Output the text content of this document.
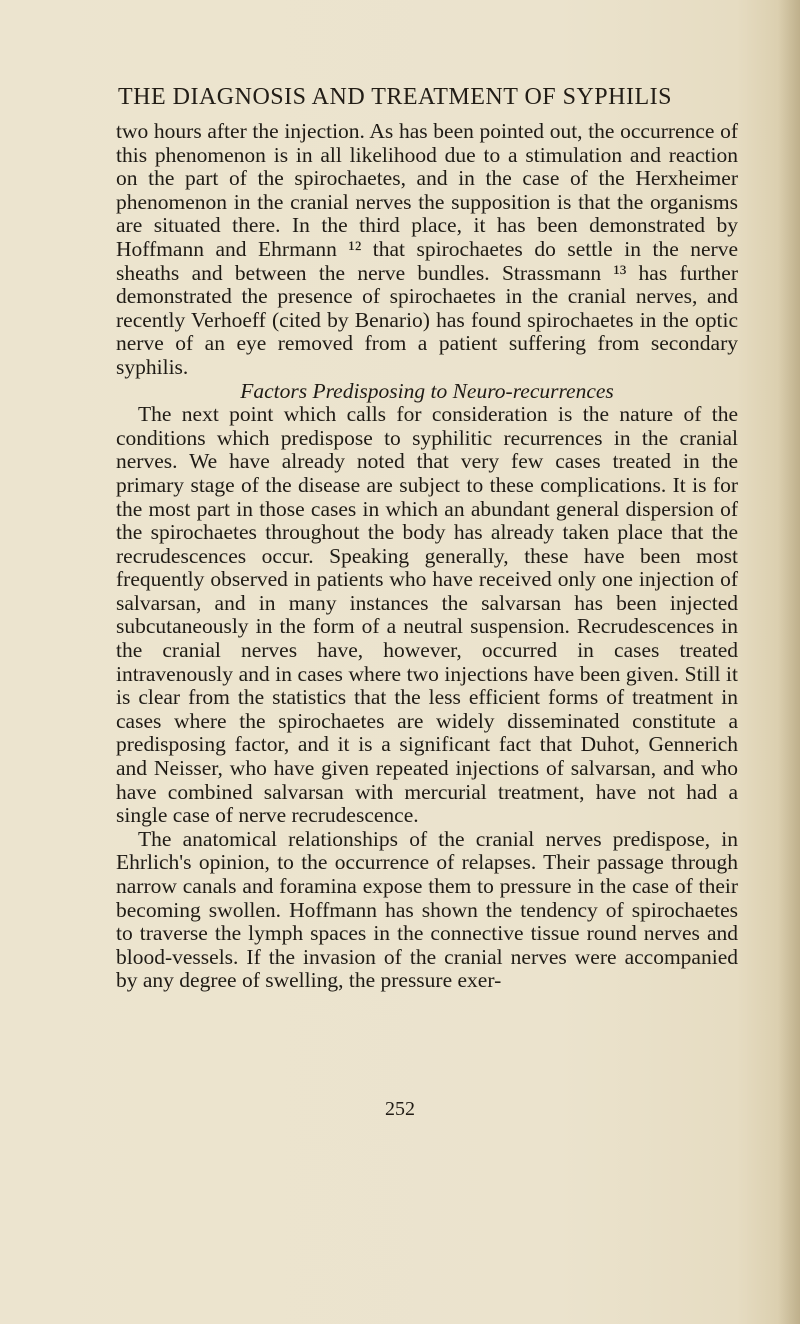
THE DIAGNOSIS AND TREATMENT OF SYPHILIS

two hours after the injection. As has been pointed out, the occurrence of this phenomenon is in all likelihood due to a stimulation and reaction on the part of the spirochaetes, and in the case of the Herxheimer phenomenon in the cranial nerves the supposition is that the organisms are situated there. In the third place, it has been demonstrated by Hoffmann and Ehrmann ¹² that spirochaetes do settle in the nerve sheaths and between the nerve bundles. Strassmann ¹³ has further demonstrated the presence of spirochaetes in the cranial nerves, and recently Verhoeff (cited by Benario) has found spirochaetes in the optic nerve of an eye removed from a patient suffering from secondary syphilis.

Factors Predisposing to Neuro-recurrences

The next point which calls for consideration is the nature of the conditions which predispose to syphilitic recurrences in the cranial nerves. We have already noted that very few cases treated in the primary stage of the disease are subject to these complications. It is for the most part in those cases in which an abundant general dispersion of the spirochaetes throughout the body has already taken place that the recrudescences occur. Speaking generally, these have been most frequently observed in patients who have received only one injection of salvarsan, and in many instances the salvarsan has been injected subcutaneously in the form of a neutral suspension. Recrudescences in the cranial nerves have, however, occurred in cases treated intravenously and in cases where two injections have been given. Still it is clear from the statistics that the less efficient forms of treatment in cases where the spirochaetes are widely disseminated constitute a predisposing factor, and it is a significant fact that Duhot, Gennerich and Neisser, who have given repeated injections of salvarsan, and who have combined salvarsan with mercurial treatment, have not had a single case of nerve recrudescence.

The anatomical relationships of the cranial nerves predispose, in Ehrlich's opinion, to the occurrence of relapses. Their passage through narrow canals and foramina expose them to pressure in the case of their becoming swollen. Hoffmann has shown the tendency of spirochaetes to traverse the lymph spaces in the connective tissue round nerves and blood-vessels. If the invasion of the cranial nerves were accompanied by any degree of swelling, the pressure exer-

252
